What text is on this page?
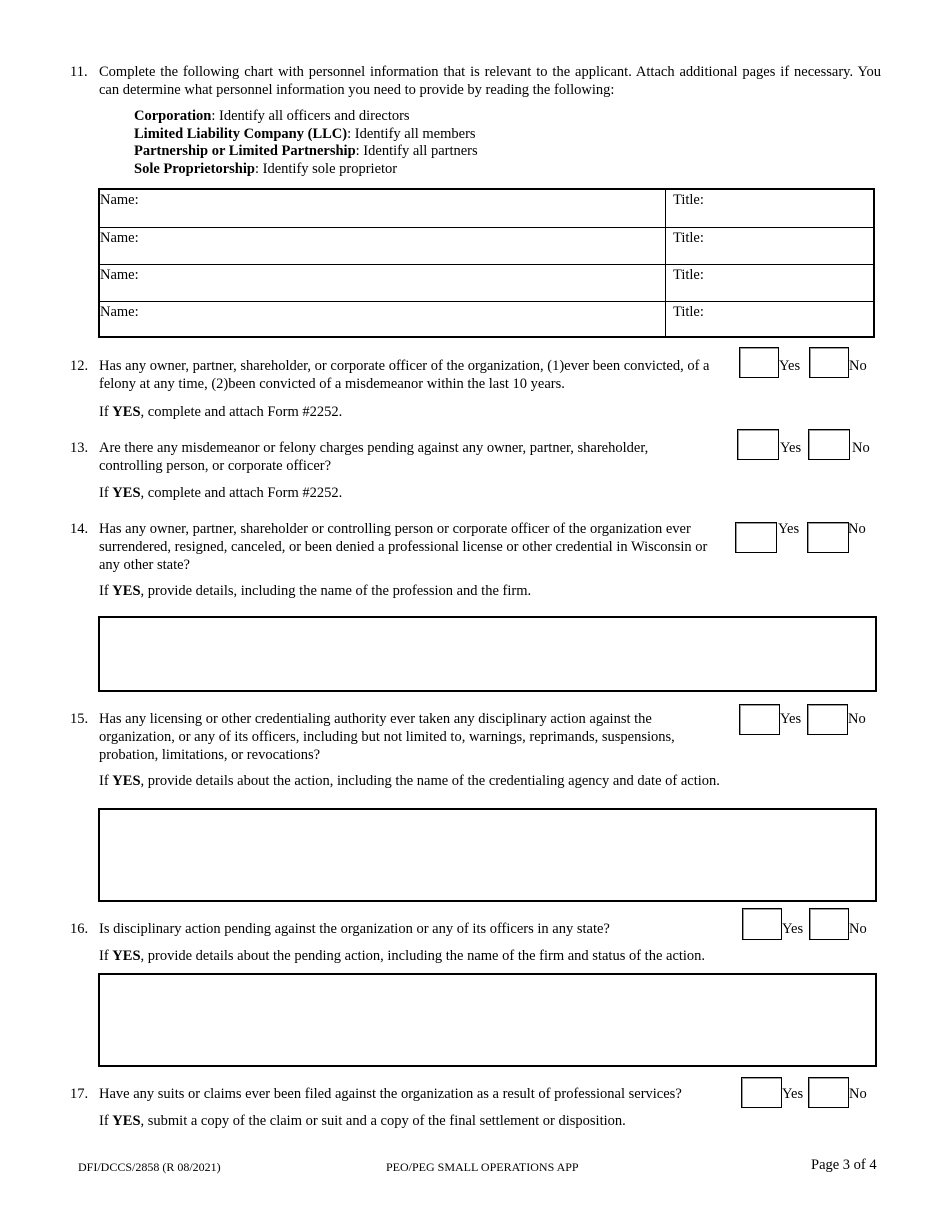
11. Complete the following chart with personnel information that is relevant to the applicant. Attach additional pages if necessary. You can determine what personnel information you need to provide by reading the following:
Corporation: Identify all officers and directors
Limited Liability Company (LLC): Identify all members
Partnership or Limited Partnership: Identify all partners
Sole Proprietorship: Identify sole proprietor
Name:	Title:
Name:	Title:
Name:	Title:
Name:	Title:
12. Has any owner, partner, shareholder, or corporate officer of the organization, (1)ever been convicted, of a felony at any time, (2)been convicted of a misdemeanor within the last 10 years.
Yes	No
If YES, complete and attach Form #2252.
13. Are there any misdemeanor or felony charges pending against any owner, partner, shareholder, controlling person, or corporate officer?
Yes	No
If YES, complete and attach Form #2252.
14. Has any owner, partner, shareholder or controlling person or corporate officer of the organization ever surrendered, resigned, canceled, or been denied a professional license or other credential in Wisconsin or any other state?
Yes	No
If YES, provide details, including the name of the profession and the firm.
15. Has any licensing or other credentialing authority ever taken any disciplinary action against the organization, or any of its officers, including but not limited to, warnings, reprimands, suspensions, probation, limitations, or revocations?
Yes	No
If YES, provide details about the action, including the name of the credentialing agency and date of action.
16. Is disciplinary action pending against the organization or any of its officers in any state?	Yes	No
If YES, provide details about the pending action, including the name of the firm and status of the action.
17. Have any suits or claims ever been filed against the organization as a result of professional services?	Yes	No
If YES, submit a copy of the claim or suit and a copy of the final settlement or disposition.
DFI/DCCS/2858 (R 08/2021)	PEO/PEG SMALL OPERATIONS APP	Page 3 of 4
